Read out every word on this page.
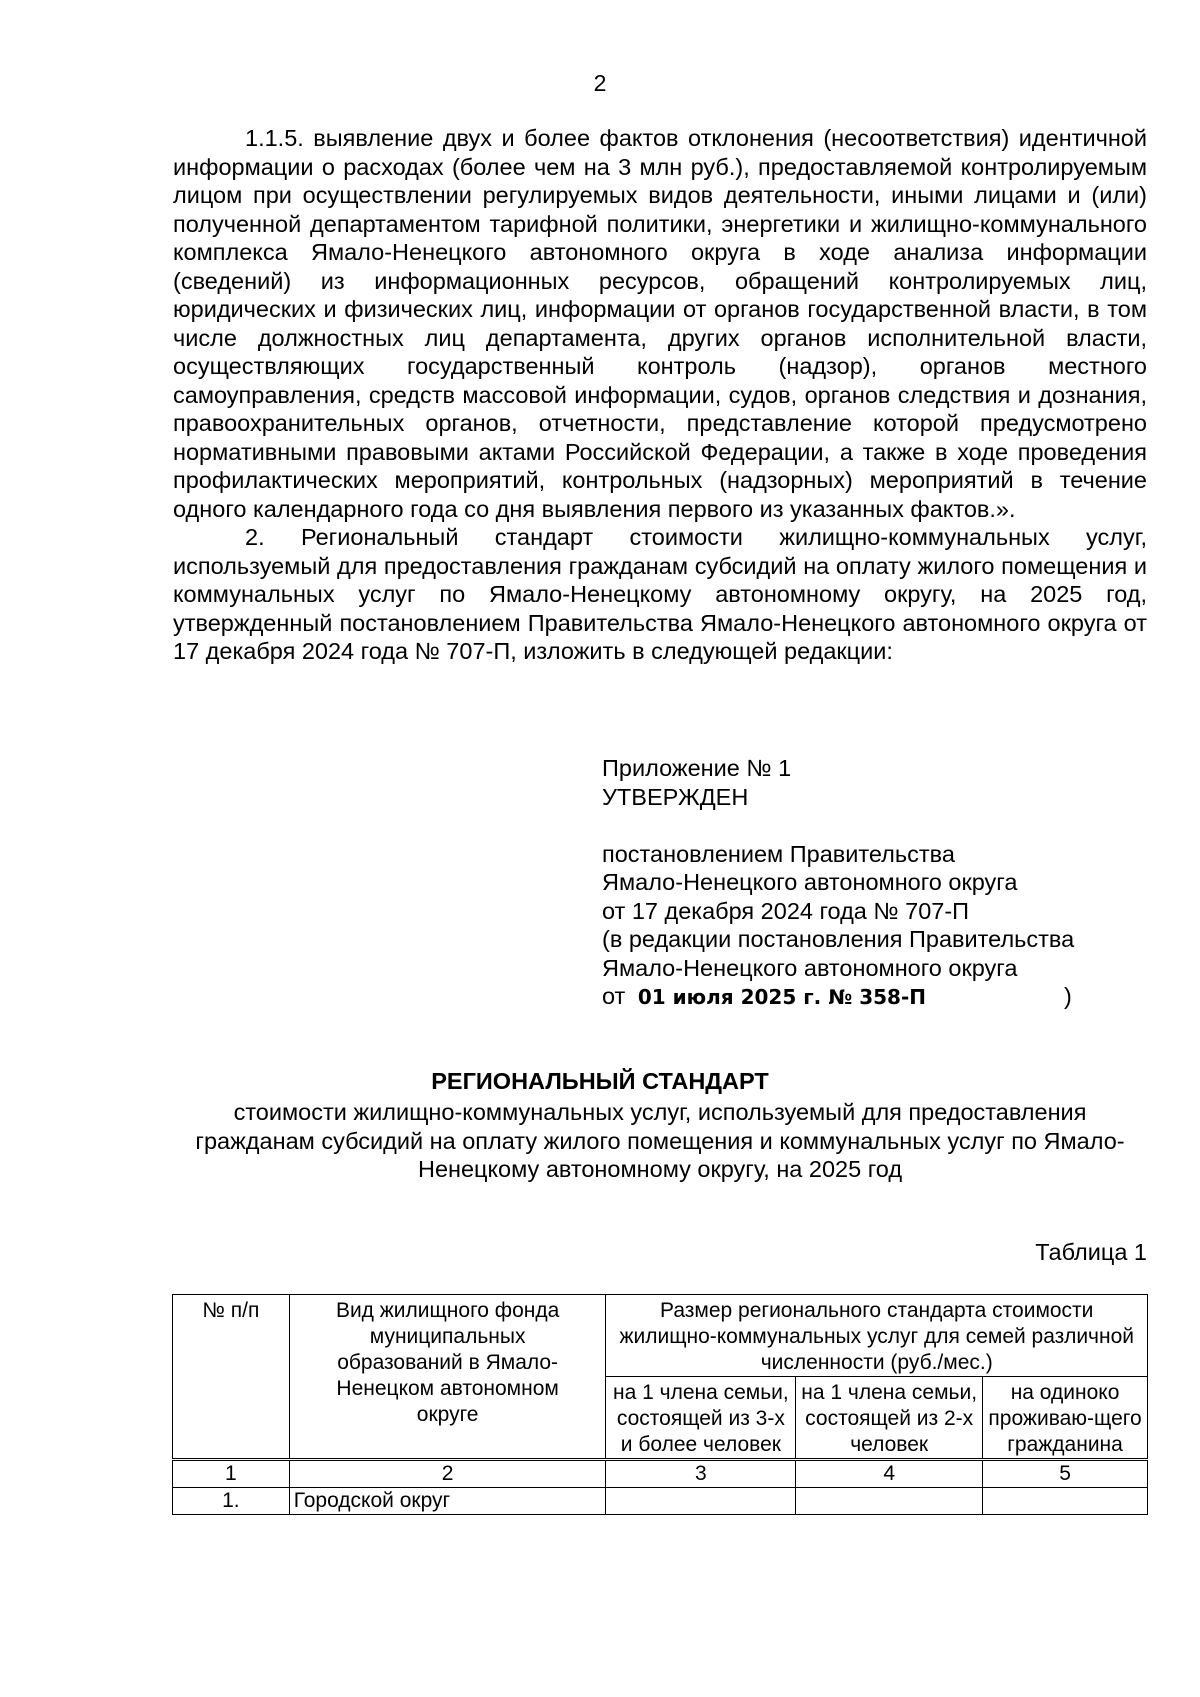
2

1.1.5. выявление двух и более фактов отклонения (несоответствия) идентичной информации о расходах (более чем на 3 млн руб.), предоставляемой контролируемым лицом при осуществлении регулируемых видов деятельности, иными лицами и (или) полученной департаментом тарифной политики, энергетики и жилищно-коммунального комплекса Ямало-Ненецкого автономного округа в ходе анализа информации (сведений) из информационных ресурсов, обращений контролируемых лиц, юридических и физических лиц, информации от органов государственной власти, в том числе должностных лиц департамента, других органов исполнительной власти, осуществляющих государственный контроль (надзор), органов местного самоуправления, средств массовой информации, судов, органов следствия и дознания, правоохранительных органов, отчетности, представление которой предусмотрено нормативными правовыми актами Российской Федерации, а также в ходе проведения профилактических мероприятий, контрольных (надзорных) мероприятий в течение одного календарного года со дня выявления первого из указанных фактов.».

2. Региональный стандарт стоимости жилищно-коммунальных услуг, используемый для предоставления гражданам субсидий на оплату жилого помещения и коммунальных услуг по Ямало-Ненецкому автономному округу, на 2025 год, утвержденный постановлением Правительства Ямало-Ненецкого автономного округа от 17 декабря 2024 года № 707-П, изложить в следующей редакции:

Приложение № 1
УТВЕРЖДЕН
постановлением Правительства
Ямало-Ненецкого автономного округа
от 17 декабря 2024 года № 707-П
(в редакции постановления Правительства
Ямало-Ненецкого автономного округа
от 01 июля 2025 г. № 358-П	)
РЕГИОНАЛЬНЫЙ СТАНДАРТ
стоимости жилищно-коммунальных услуг, используемый для предоставления гражданам субсидий на оплату жилого помещения и коммунальных услуг по Ямало-Ненецкому автономному округу, на 2025 год
Таблица 1
№ п/п	Вид жилищного фонда муниципальных образований в Ямало-Ненецком автономном округе	Размер регионального стандарта стоимости жилищно-коммунальных услуг для семей различной численности (руб./мес.)		
		на 1 члена семьи, состоящей из 3-х и более человек	на 1 члена семьи, состоящей из 2-х человек	на одиноко проживаю-щего гражданина
1	2	3	4	5
1.	Городской округ			
